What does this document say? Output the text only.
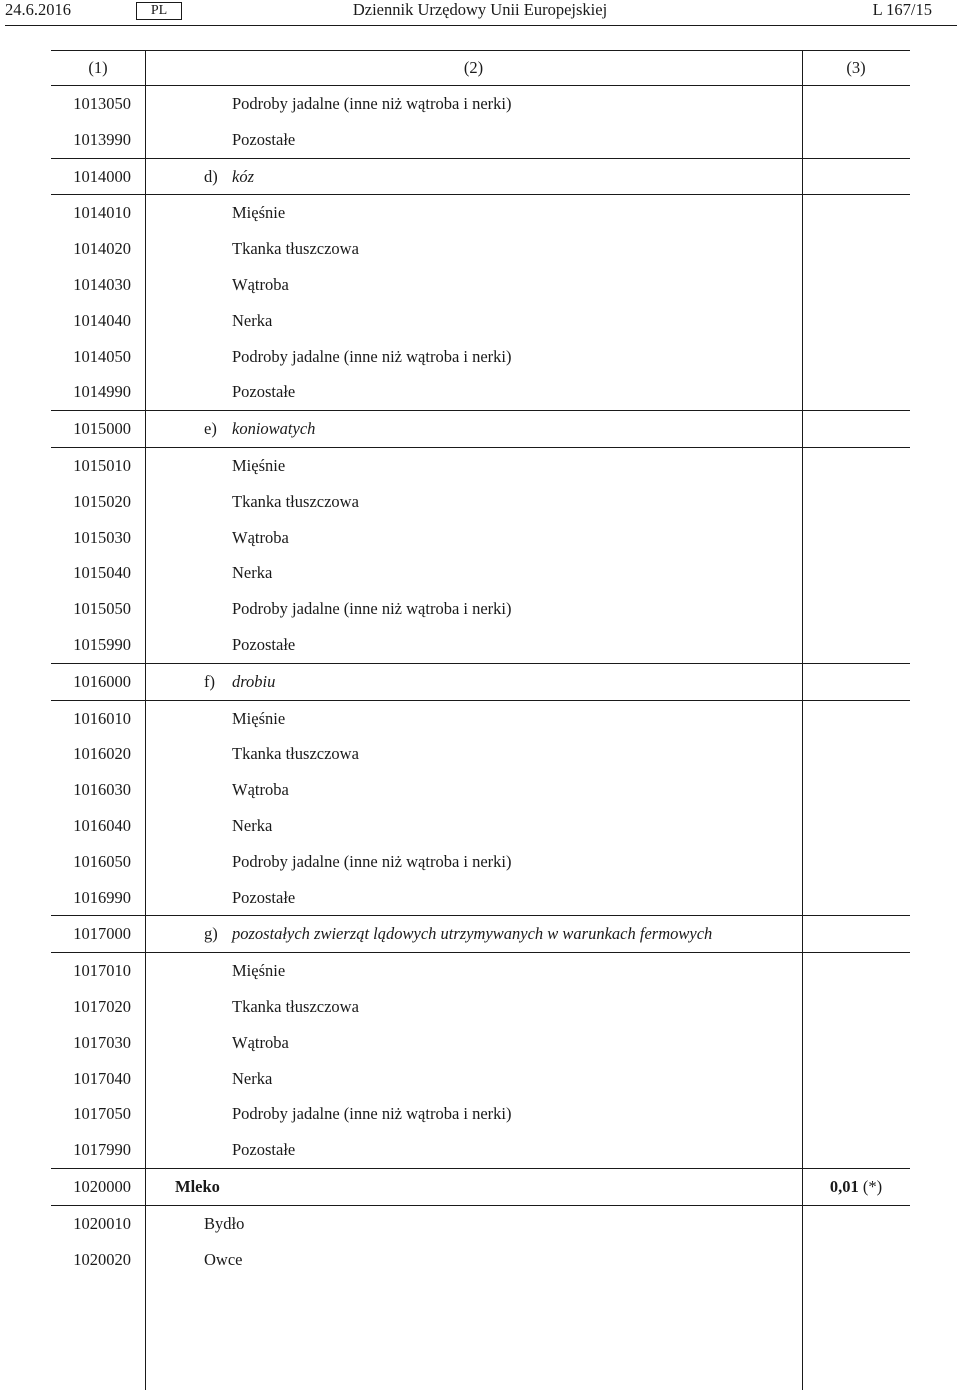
24.6.2016	PL	Dziennik Urzędowy Unii Europejskiej	L 167/15
(1)	(2)	(3)
1013050	Podroby jadalne (inne niż wątroba i nerki)
1013990	Pozostałe
1014000	d) kóz
1014010	Mięśnie
1014020	Tkanka tłuszczowa
1014030	Wątroba
1014040	Nerka
1014050	Podroby jadalne (inne niż wątroba i nerki)
1014990	Pozostałe
1015000	e) koniowatych
1015010	Mięśnie
1015020	Tkanka tłuszczowa
1015030	Wątroba
1015040	Nerka
1015050	Podroby jadalne (inne niż wątroba i nerki)
1015990	Pozostałe
1016000	f) drobiu
1016010	Mięśnie
1016020	Tkanka tłuszczowa
1016030	Wątroba
1016040	Nerka
1016050	Podroby jadalne (inne niż wątroba i nerki)
1016990	Pozostałe
1017000	g) pozostałych zwierząt lądowych utrzymywanych w warunkach fermowych
1017010	Mięśnie
1017020	Tkanka tłuszczowa
1017030	Wątroba
1017040	Nerka
1017050	Podroby jadalne (inne niż wątroba i nerki)
1017990	Pozostałe
1020000	Mleko	0,01 (*)
1020010	Bydło
1020020	Owce
